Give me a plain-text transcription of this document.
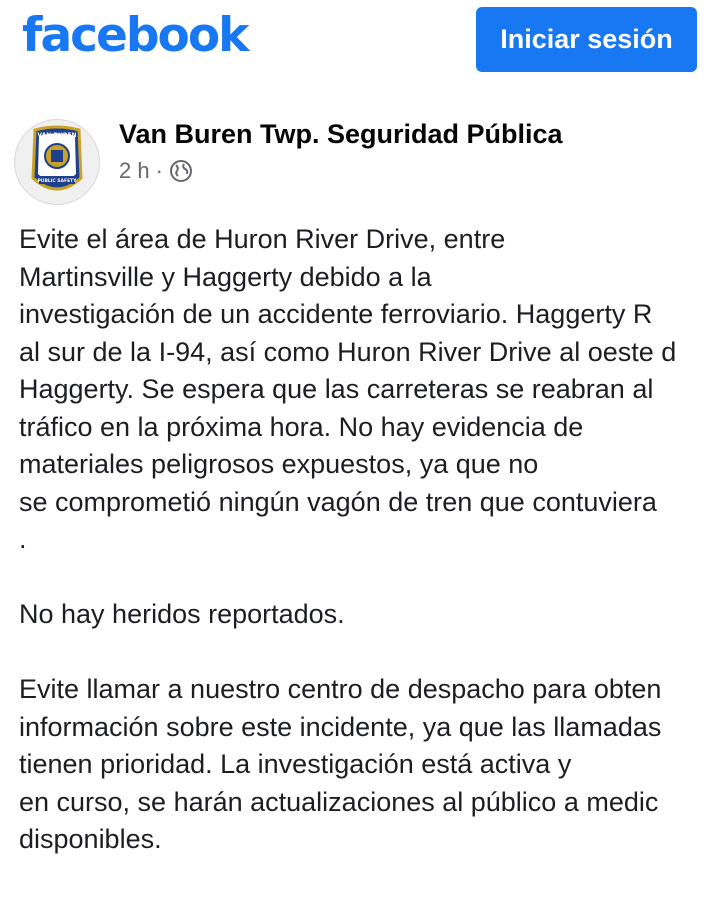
facebook	Iniciar sesión
VAN BUREN
PUBLIC SAFETY
Van Buren Twp. Seguridad Pública
2 h ·
Evite el área de Huron River Drive, entre
Martinsville y Haggerty debido a la
investigación de un accidente ferroviario. Haggerty R
al sur de la I-94, así como Huron River Drive al oeste d
Haggerty. Se espera que las carreteras se reabran al
tráfico en la próxima hora. No hay evidencia de
materiales peligrosos expuestos, ya que no
se comprometió ningún vagón de tren que contuviera
.
No hay heridos reportados.
Evite llamar a nuestro centro de despacho para obten
información sobre este incidente, ya que las llamadas
tienen prioridad. La investigación está activa y
en curso, se harán actualizaciones al público a medic
disponibles.
